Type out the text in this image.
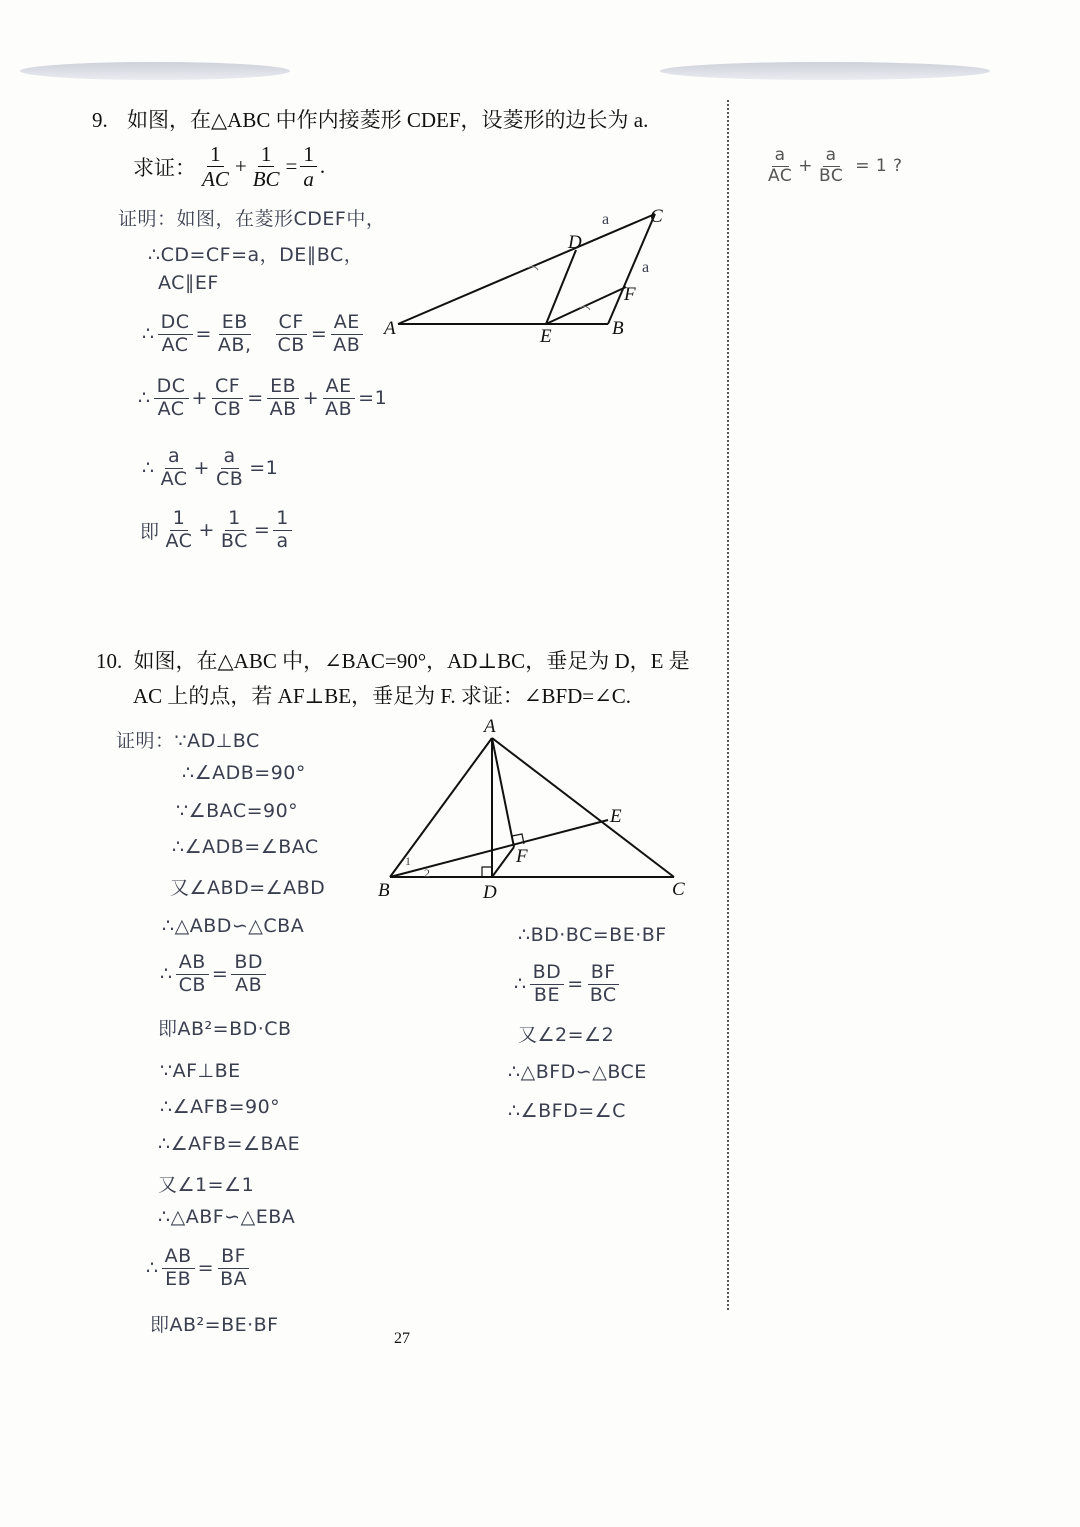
9. 如图，在△ABC 中作内接菱形 CDEF，设菱形的边长为 a.
求证： $\frac{1}{AC} + \frac{1}{BC} = \frac{1}{a}$ .
A	B
C
D
E
F
a
a
证明：如图，在菱形CDEF中，
∴CD=CF=a，DE∥BC，
AC∥EF
∴ $\frac{DC}{AC} = \frac{EB}{AB,} \frac{CF}{CB} = \frac{AE}{AB}$
∴ $\frac{DC}{AC} + \frac{CF}{CB} = \frac{EB}{AB} + \frac{AE}{AB} =1$
∴ $\frac{a}{AC} + \frac{a}{CB} =1$
即 $\frac{1}{AC} + \frac{1}{BC} = \frac{1}{a}$
$\frac{a}{AC} + \frac{a}{BC} = 1$ ?
10. 如图，在△ABC 中，∠BAC=90°，AD⊥BC，垂足为 D，E 是
AC 上的点，若 AF⊥BE，垂足为 F. 求证：∠BFD=∠C.
1
2
A
B	C
D
E
F
证明：∵AD⊥BC
∴∠ADB=90°
∵∠BAC=90°
∴∠ADB=∠BAC
又∠ABD=∠ABD
∴△ABD∽△CBA
∴ $\frac{AB}{CB} = \frac{BD}{AB}$
即AB²=BD·CB
∵AF⊥BE
∴∠AFB=90°
∴∠AFB=∠BAE
又∠1=∠1
∴△ABF∽△EBA
∴ $\frac{AB}{EB} = \frac{BF}{BA}$
即AB²=BE·BF
∴BD·BC=BE·BF
∴ $\frac{BD}{BE} = \frac{BF}{BC}$
又∠2=∠2
∴△BFD∽△BCE
∴∠BFD=∠C
27
